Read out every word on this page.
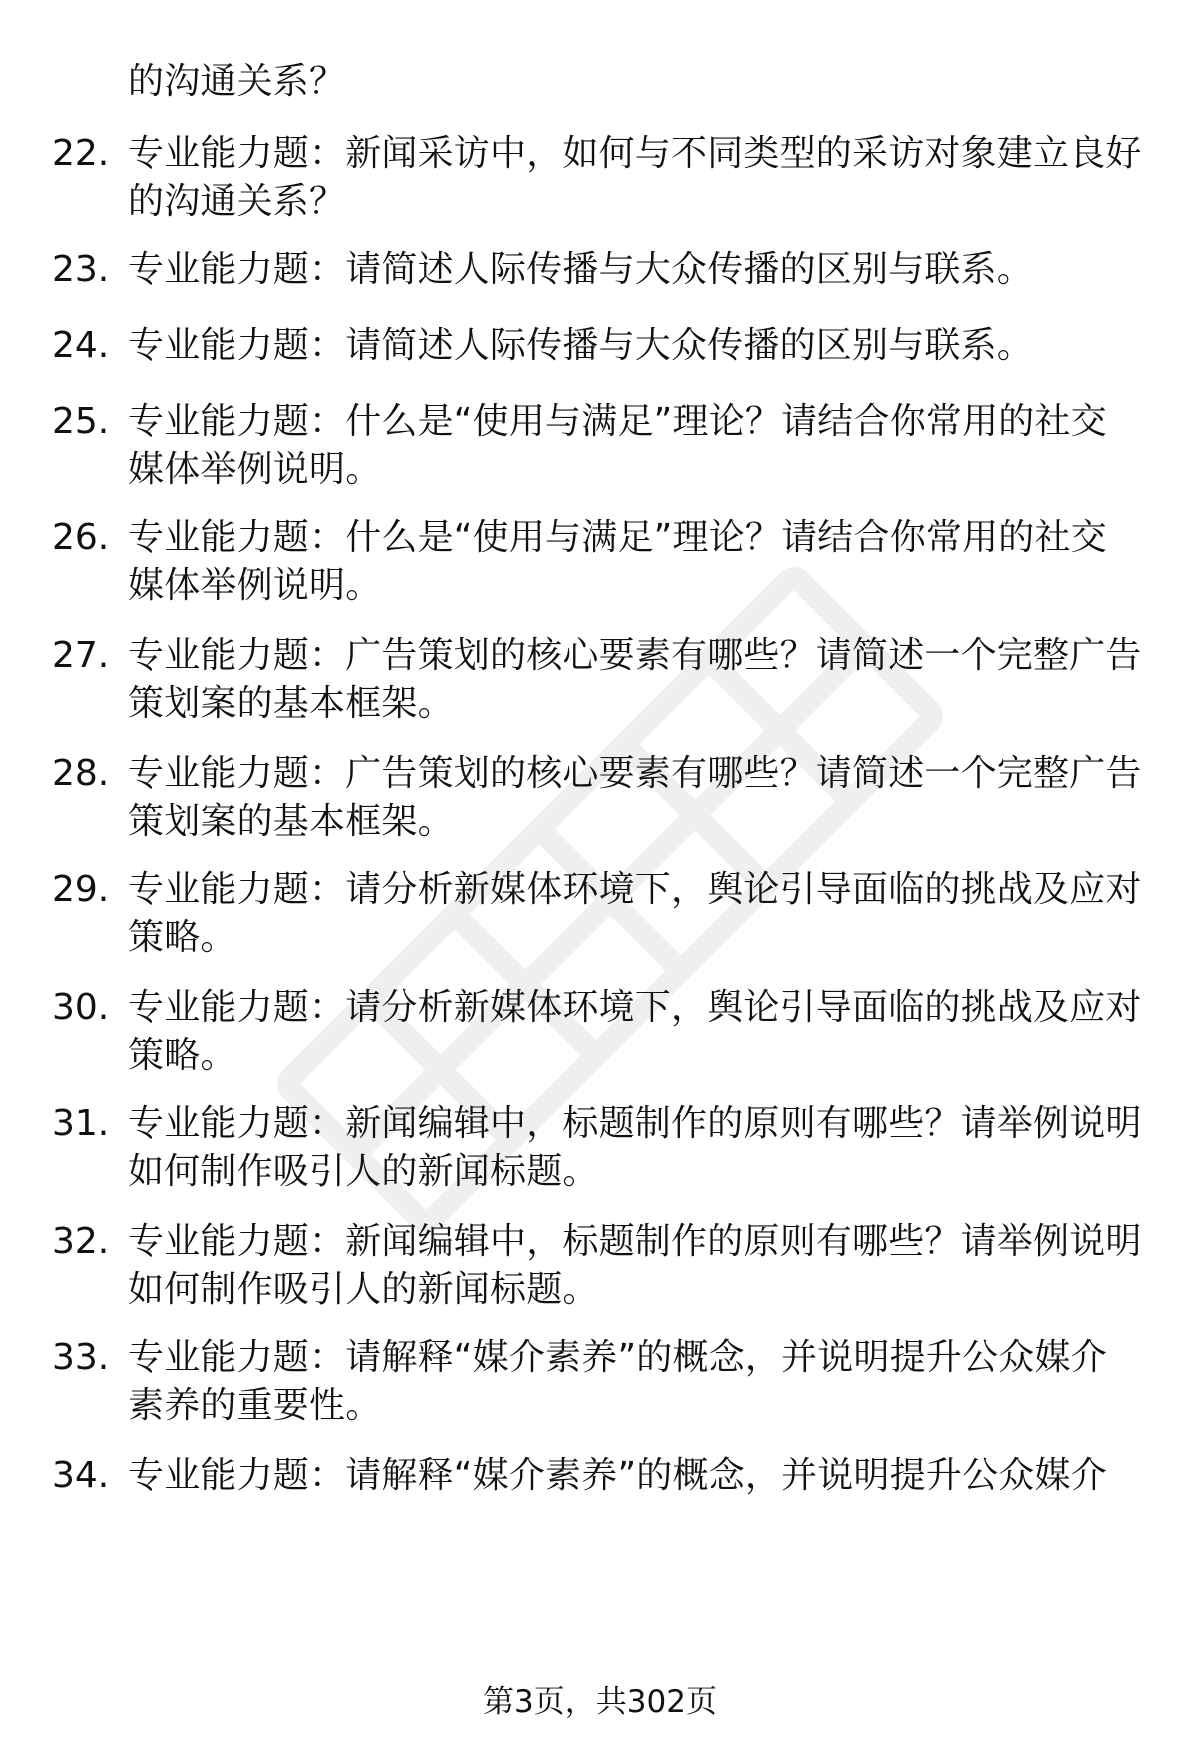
的沟通关系？
22. 专业能力题：新闻采访中，如何与不同类型的采访对象建立良好
的沟通关系？
23. 专业能力题：请简述人际传播与大众传播的区别与联系。
24. 专业能力题：请简述人际传播与大众传播的区别与联系。
25. 专业能力题：什么是“使用与满足”理论？请结合你常用的社交
媒体举例说明。
26. 专业能力题：什么是“使用与满足”理论？请结合你常用的社交
媒体举例说明。
27. 专业能力题：广告策划的核心要素有哪些？请简述一个完整广告
策划案的基本框架。
28. 专业能力题：广告策划的核心要素有哪些？请简述一个完整广告
策划案的基本框架。
29. 专业能力题：请分析新媒体环境下，舆论引导面临的挑战及应对
策略。
30. 专业能力题：请分析新媒体环境下，舆论引导面临的挑战及应对
策略。
31. 专业能力题：新闻编辑中，标题制作的原则有哪些？请举例说明
如何制作吸引人的新闻标题。
32. 专业能力题：新闻编辑中，标题制作的原则有哪些？请举例说明
如何制作吸引人的新闻标题。
33. 专业能力题：请解释“媒介素养”的概念，并说明提升公众媒介
素养的重要性。
34. 专业能力题：请解释“媒介素养”的概念，并说明提升公众媒介
第3页，共302页
